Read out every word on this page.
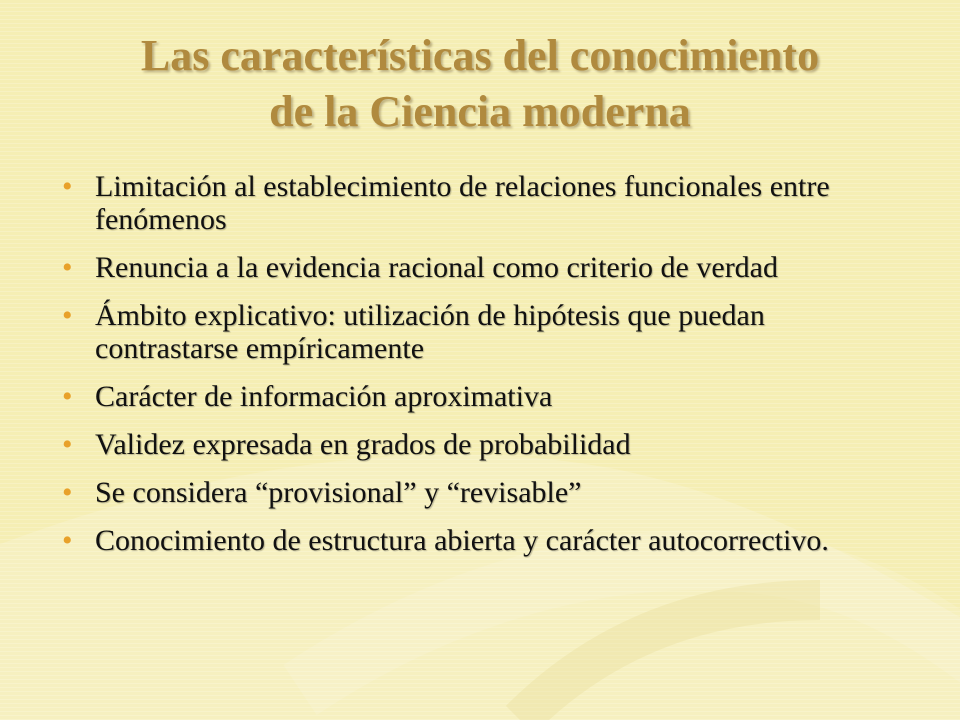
Las características del conocimiento
de la Ciencia moderna
• Limitación al establecimiento de relaciones funcionales entre fenómenos
• Renuncia a la evidencia racional como criterio de verdad
• Ámbito explicativo: utilización de hipótesis que puedan contrastarse empíricamente
• Carácter de información aproximativa
• Validez expresada en grados de probabilidad
• Se considera “provisional” y “revisable”
• Conocimiento de estructura abierta y carácter autocorrectivo.
